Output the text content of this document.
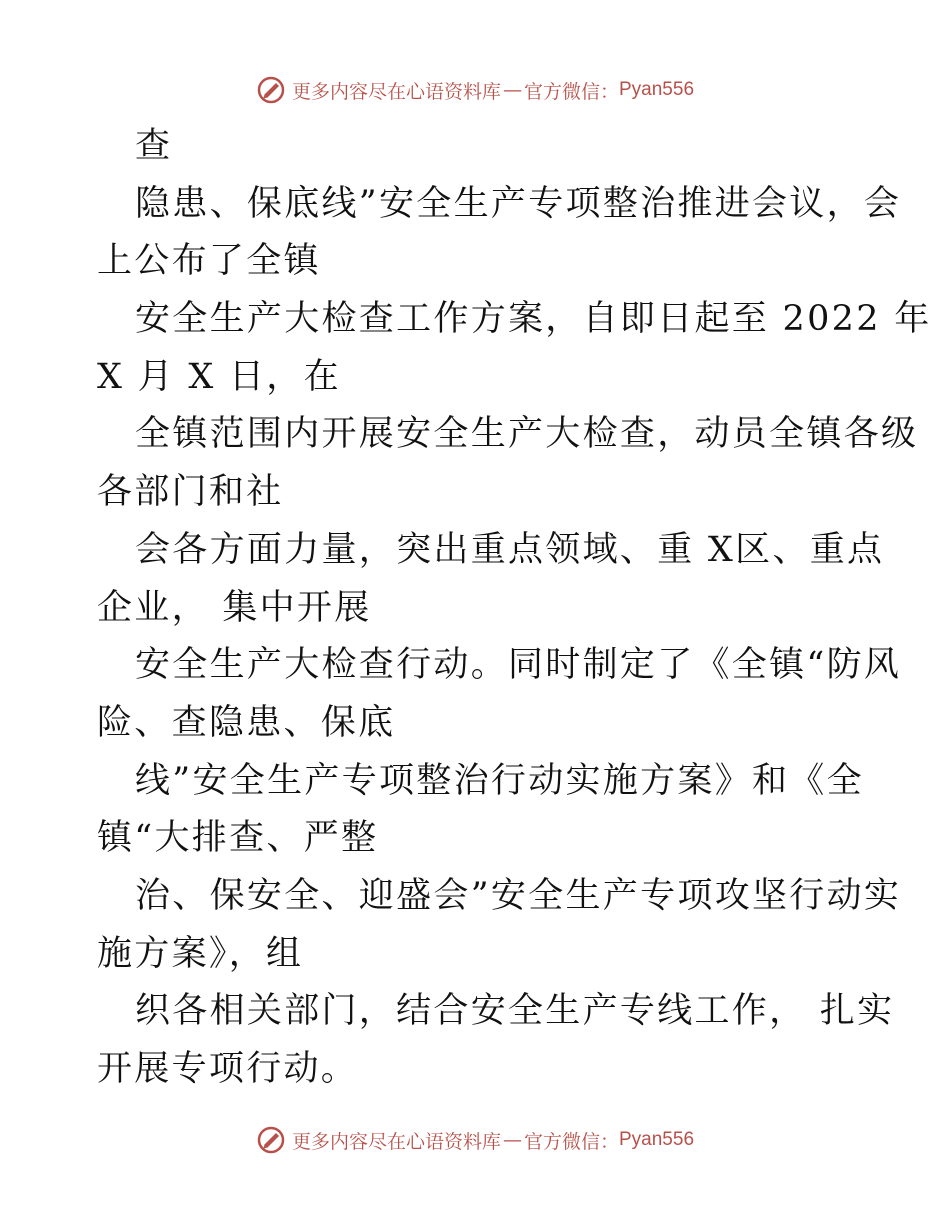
更多内容尽在心语资料库 — 官方微信： Pyan556
查
隐患、保底线”安全生产专项整治推进会议，会
上公布了全镇
安全生产大检查工作方案，自即日起至 2022 年
X 月 X 日，在
全镇范围内开展安全生产大检查，动员全镇各级
各部门和社
会各方面力量，突出重点领域、重 X区、重点
企业， 集中开展
安全生产大检查行动。同时制定了《全镇“防风
险、查隐患、保底
线”安全生产专项整治行动实施方案》和《全
镇“大排查、严整
治、保安全、迎盛会”安全生产专项攻坚行动实
施方案》，组
织各相关部门，结合安全生产专线工作， 扎实
开展专项行动。
更多内容尽在心语资料库 — 官方微信： Pyan556
